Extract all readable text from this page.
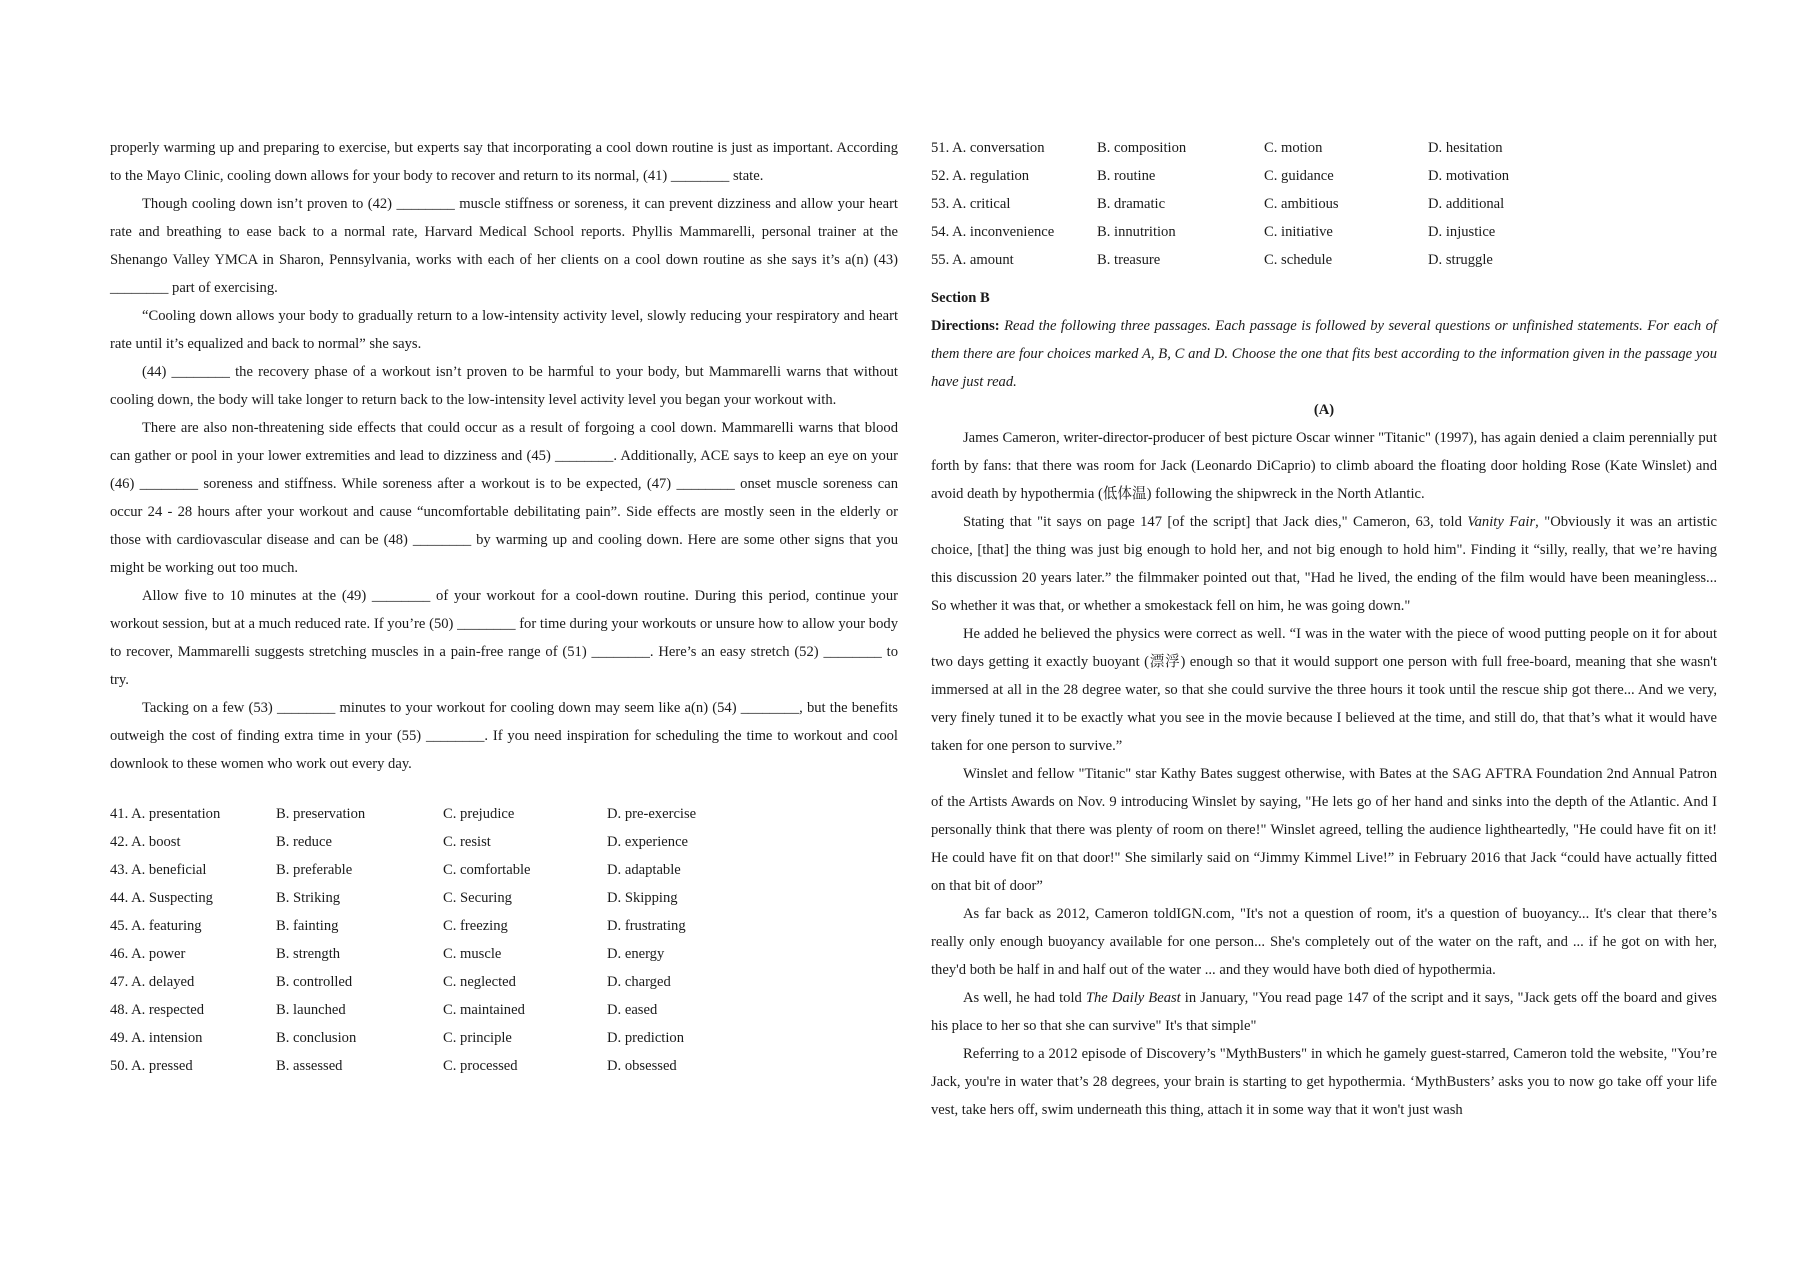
properly warming up and preparing to exercise, but experts say that incorporating a cool down routine is just as important. According to the Mayo Clinic, cooling down allows for your body to recover and return to its normal, (41) ________ state.

Though cooling down isn’t proven to (42) ________ muscle stiffness or soreness, it can prevent dizziness and allow your heart rate and breathing to ease back to a normal rate, Harvard Medical School reports. Phyllis Mammarelli, personal trainer at the Shenango Valley YMCA in Sharon, Pennsylvania, works with each of her clients on a cool down routine as she says it’s a(n) (43) ________ part of exercising.

“Cooling down allows your body to gradually return to a low-intensity activity level, slowly reducing your respiratory and heart rate until it’s equalized and back to normal” she says.

(44) ________ the recovery phase of a workout isn’t proven to be harmful to your body, but Mammarelli warns that without cooling down, the body will take longer to return back to the low-intensity level activity level you began your workout with.

There are also non-threatening side effects that could occur as a result of forgoing a cool down. Mammarelli warns that blood can gather or pool in your lower extremities and lead to dizziness and (45) ________. Additionally, ACE says to keep an eye on your (46) ________ soreness and stiffness. While soreness after a workout is to be expected, (47) ________ onset muscle soreness can occur 24 - 28 hours after your workout and cause “uncomfortable debilitating pain”. Side effects are mostly seen in the elderly or those with cardiovascular disease and can be (48) ________ by warming up and cooling down. Here are some other signs that you might be working out too much.

Allow five to 10 minutes at the (49) ________ of your workout for a cool-down routine. During this period, continue your workout session, but at a much reduced rate. If you’re (50) ________ for time during your workouts or unsure how to allow your body to recover, Mammarelli suggests stretching muscles in a pain-free range of (51) ________. Here’s an easy stretch (52) ________ to try.

Tacking on a few (53) ________ minutes to your workout for cooling down may seem like a(n) (54) ________, but the benefits outweigh the cost of finding extra time in your (55) ________. If you need inspiration for scheduling the time to workout and cool downlook to these women who work out every day.

41. A. presentation	B. preservation	C. prejudice	D. pre-exercise
42. A. boost	B. reduce	C. resist	D. experience
43. A. beneficial	B. preferable	C. comfortable	D. adaptable
44. A. Suspecting	B. Striking	C. Securing	D. Skipping
45. A. featuring	B. fainting	C. freezing	D. frustrating
46. A. power	B. strength	C. muscle	D. energy
47. A. delayed	B. controlled	C. neglected	D. charged
48. A. respected	B. launched	C. maintained	D. eased
49. A. intension	B. conclusion	C. principle	D. prediction
50. A. pressed	B. assessed	C. processed	D. obsessed
51. A. conversation	B. composition	C. motion	D. hesitation
52. A. regulation	B. routine	C. guidance	D. motivation
53. A. critical	B. dramatic	C. ambitious	D. additional
54. A. inconvenience	B. innutrition	C. initiative	D. injustice
55. A. amount	B. treasure	C. schedule	D. struggle

Section B

Directions: Read the following three passages. Each passage is followed by several questions or unfinished statements. For each of them there are four choices marked A, B, C and D. Choose the one that fits best according to the information given in the passage you have just read.

(A)

James Cameron, writer-director-producer of best picture Oscar winner "Titanic" (1997), has again denied a claim perennially put forth by fans: that there was room for Jack (Leonardo DiCaprio) to climb aboard the floating door holding Rose (Kate Winslet) and avoid death by hypothermia (低体温) following the shipwreck in the North Atlantic.

Stating that "it says on page 147 [of the script] that Jack dies," Cameron, 63, told Vanity Fair, "Obviously it was an artistic choice, [that] the thing was just big enough to hold her, and not big enough to hold him". Finding it “silly, really, that we’re having this discussion 20 years later.” the filmmaker pointed out that, "Had he lived, the ending of the film would have been meaningless... So whether it was that, or whether a smokestack fell on him, he was going down."

He added he believed the physics were correct as well. “I was in the water with the piece of wood putting people on it for about two days getting it exactly buoyant (漂浮) enough so that it would support one person with full free-board, meaning that she wasn't immersed at all in the 28 degree water, so that she could survive the three hours it took until the rescue ship got there... And we very, very finely tuned it to be exactly what you see in the movie because I believed at the time, and still do, that that’s what it would have taken for one person to survive.”

Winslet and fellow "Titanic" star Kathy Bates suggest otherwise, with Bates at the SAG AFTRA Foundation 2nd Annual Patron of the Artists Awards on Nov. 9 introducing Winslet by saying, "He lets go of her hand and sinks into the depth of the Atlantic. And I personally think that there was plenty of room on there!" Winslet agreed, telling the audience lightheartedly, "He could have fit on it! He could have fit on that door!" She similarly said on “Jimmy Kimmel Live!” in February 2016 that Jack “could have actually fitted on that bit of door”

As far back as 2012, Cameron toldIGN.com, "It's not a question of room, it's a question of buoyancy... It's clear that there’s really only enough buoyancy available for one person... She's completely out of the water on the raft, and ... if he got on with her, they'd both be half in and half out of the water ... and they would have both died of hypothermia.

As well, he had told The Daily Beast in January, "You read page 147 of the script and it says, "Jack gets off the board and gives his place to her so that she can survive" It's that simple"

Referring to a 2012 episode of Discovery’s "MythBusters" in which he gamely guest-starred, Cameron told the website, "You’re Jack, you're in water that’s 28 degrees, your brain is starting to get hypothermia. ‘MythBusters’ asks you to now go take off your life vest, take hers off, swim underneath this thing, attach it in some way that it won't just wash
